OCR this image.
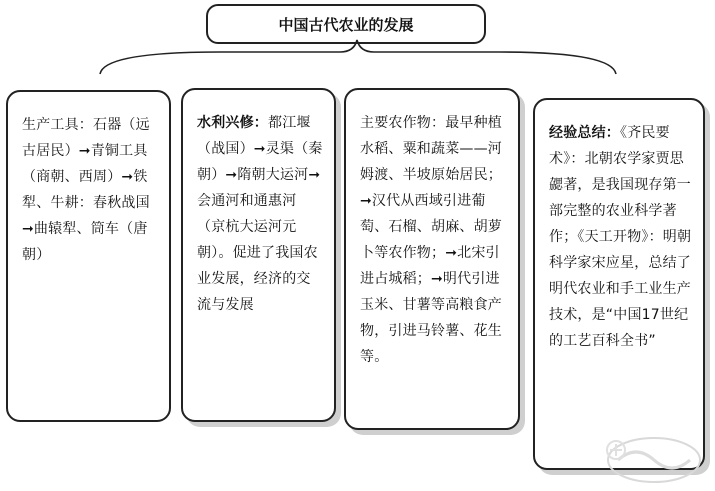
中国古代农业的发展
生产工具：石器（远古居民）➞青铜工具（商朝、西周）➞铁犁、牛耕：春秋战国➞曲辕犁、筒车（唐朝）
水利兴修：都江堰（战国）➞灵渠（秦朝）➞隋朝大运河➞会通河和通惠河（京杭大运河元朝）。促进了我国农业发展，经济的交流与发展
主要农作物：最早种植水稻、粟和蔬菜——河姆渡、半坡原始居民；➞汉代从西域引进葡萄、石榴、胡麻、胡萝卜等农作物；➞北宋引进占城稻；➞明代引进玉米、甘薯等高粮食产物，引进马铃薯、花生等。
经验总结：《齐民要术》：北朝农学家贾思勰著，是我国现存第一部完整的农业科学著作；《天工开物》：明朝科学家宋应星，总结了明代农业和手工业生产技术，是“中国17世纪的工艺百科全书”
